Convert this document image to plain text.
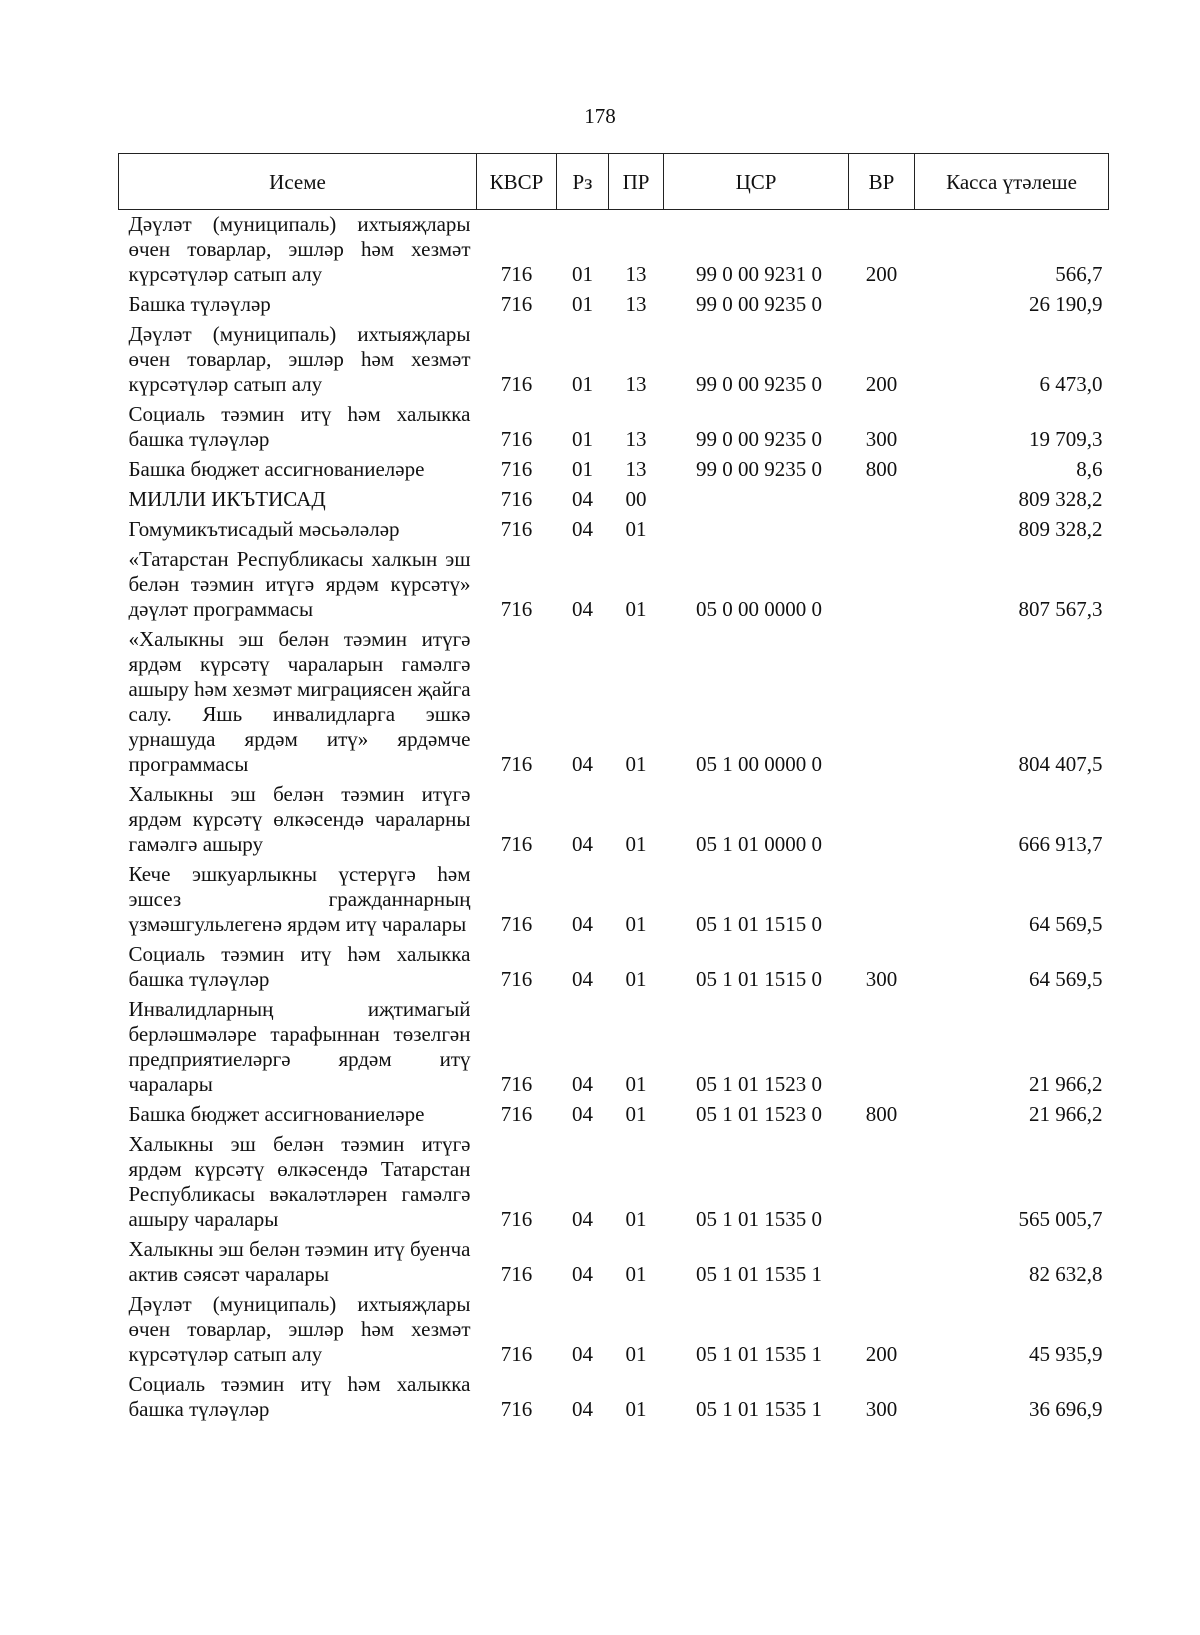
178
Исеме	КВСР	Рз	ПР	ЦСР	ВР	Касса үтәлеше
Дәүләт (муниципаль) ихтыяҗлары өчен товарлар, эшләр һәм хезмәт күрсәтүләр сатып алу	716	01	13	99 0 00 9231 0	200	566,7
Башка түләүләр	716	01	13	99 0 00 9235 0		26 190,9
Дәүләт (муниципаль) ихтыяҗлары өчен товарлар, эшләр һәм хезмәт күрсәтүләр сатып алу	716	01	13	99 0 00 9235 0	200	6 473,0
Социаль тәэмин итү һәм халыкка башка түләүләр	716	01	13	99 0 00 9235 0	300	19 709,3
Башка бюджет ассигнованиеләре	716	01	13	99 0 00 9235 0	800	8,6
МИЛЛИ ИКЪТИСАД	716	04	00			809 328,2
Гомумикътисадый мәсьәләләр	716	04	01			809 328,2
«Татарстан Республикасы халкын эш белән тәэмин итүгә ярдәм күрсәтү» дәүләт программасы	716	04	01	05 0 00 0000 0		807 567,3
«Халыкны эш белән тәэмин итүгә ярдәм күрсәтү чараларын гамәлгә ашыру һәм хезмәт миграциясен җайга салу. Яшь инвалидларга эшкә урнашуда ярдәм итү» ярдәмче программасы	716	04	01	05 1 00 0000 0		804 407,5
Халыкны эш белән тәэмин итүгә ярдәм күрсәтү өлкәсендә чараларны гамәлгә ашыру	716	04	01	05 1 01 0000 0		666 913,7
Кече эшкуарлыкны үстерүгә һәм эшсез гражданнарның үзмәшгульлегенә ярдәм итү чаралары	716	04	01	05 1 01 1515 0		64 569,5
Социаль тәэмин итү һәм халыкка башка түләүләр	716	04	01	05 1 01 1515 0	300	64 569,5
Инвалидларның иҗтимагый берләшмәләре тарафыннан төзелгән предприятиеләргә ярдәм итү чаралары	716	04	01	05 1 01 1523 0		21 966,2
Башка бюджет ассигнованиеләре	716	04	01	05 1 01 1523 0	800	21 966,2
Халыкны эш белән тәэмин итүгә ярдәм күрсәтү өлкәсендә Татарстан Республикасы вәкаләтләрен гамәлгә ашыру чаралары	716	04	01	05 1 01 1535 0		565 005,7
Халыкны эш белән тәэмин итү буенча актив сәясәт чаралары	716	04	01	05 1 01 1535 1		82 632,8
Дәүләт (муниципаль) ихтыяҗлары өчен товарлар, эшләр һәм хезмәт күрсәтүләр сатып алу	716	04	01	05 1 01 1535 1	200	45 935,9
Социаль тәэмин итү һәм халыкка башка түләүләр	716	04	01	05 1 01 1535 1	300	36 696,9
